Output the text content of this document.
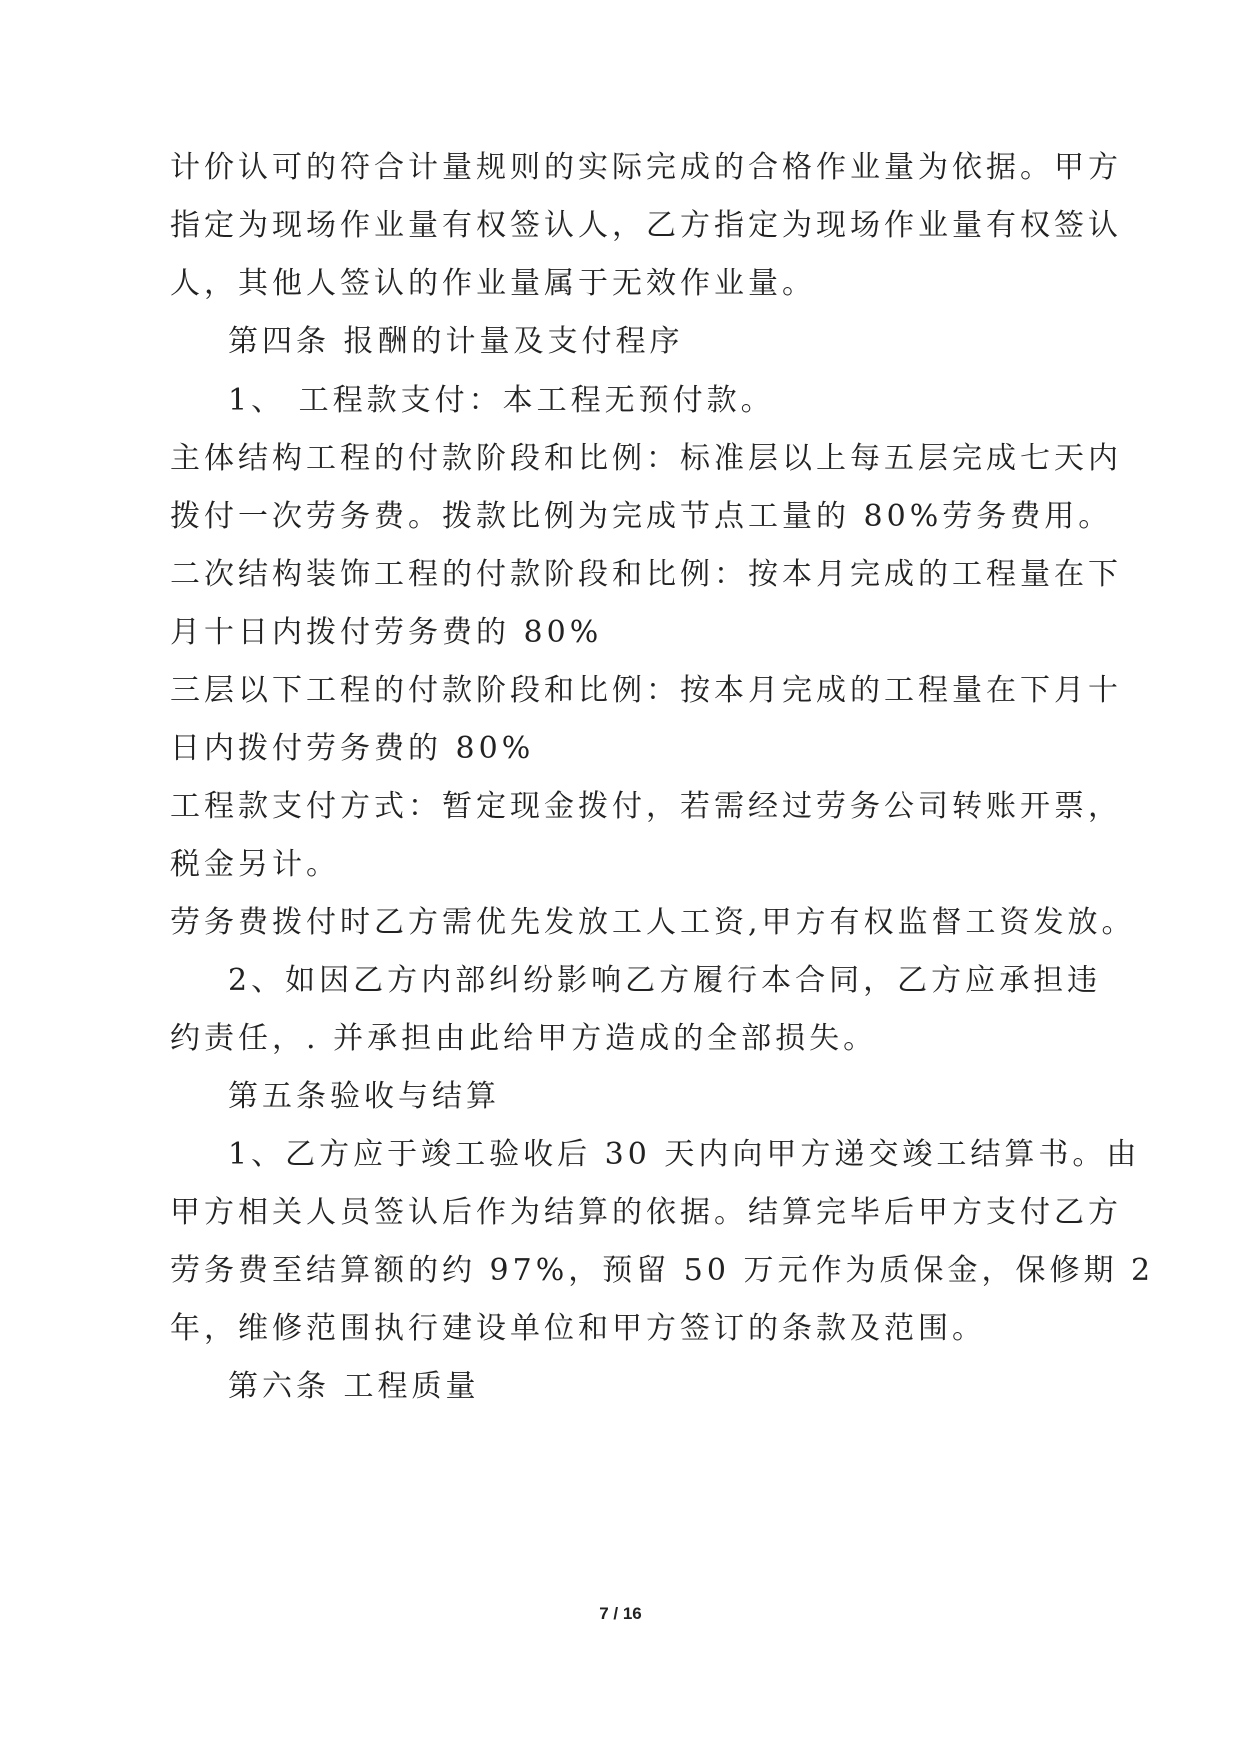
计价认可的符合计量规则的实际完成的合格作业量为依据。甲方
指定为现场作业量有权签认人，乙方指定为现场作业量有权签认
人，其他人签认的作业量属于无效作业量。
第四条 报酬的计量及支付程序
1、 工程款支付：本工程无预付款。
主体结构工程的付款阶段和比例：标准层以上每五层完成七天内
拨付一次劳务费。拨款比例为完成节点工量的 80%劳务费用。
二次结构装饰工程的付款阶段和比例：按本月完成的工程量在下
月十日内拨付劳务费的 80%
三层以下工程的付款阶段和比例：按本月完成的工程量在下月十
日内拨付劳务费的 80%
工程款支付方式：暂定现金拨付，若需经过劳务公司转账开票，
税金另计。
劳务费拨付时乙方需优先发放工人工资,甲方有权监督工资发放。
2、如因乙方内部纠纷影响乙方履行本合同，乙方应承担违
约责任，. 并承担由此给甲方造成的全部损失。
第五条验收与结算
1、乙方应于竣工验收后 30 天内向甲方递交竣工结算书。由
甲方相关人员签认后作为结算的依据。结算完毕后甲方支付乙方
劳务费至结算额的约 97%，预留 50 万元作为质保金，保修期 2
年，维修范围执行建设单位和甲方签订的条款及范围。
第六条 工程质量
7 / 16
